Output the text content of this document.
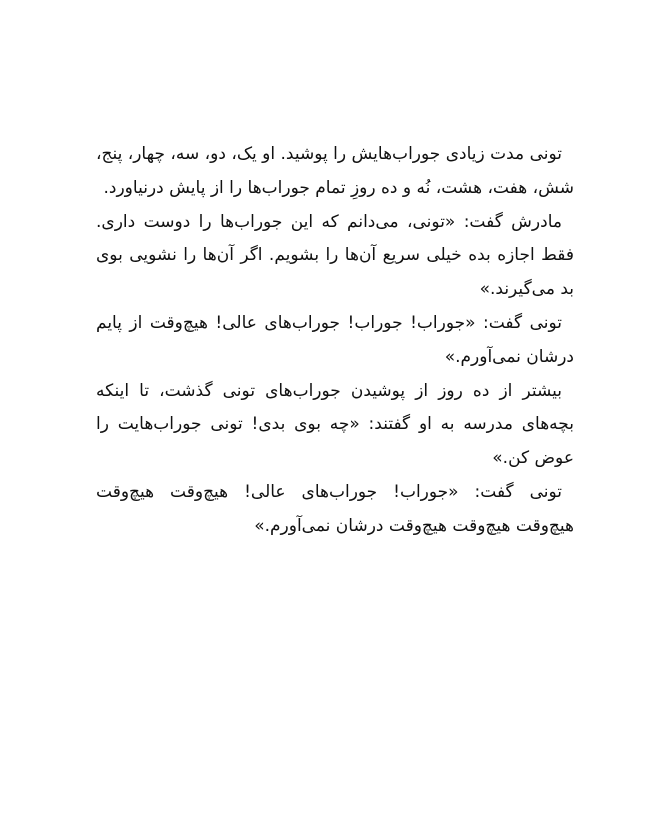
تونی مدت زیادی جوراب‌هایش را پوشید. او یک، دو، سه، چهار، پنج، شش، هفت، هشت، نُه و ده روزِ تمام جوراب‌ها را از پایش درنیاورد.

مادرش گفت: «تونی، می‌دانم که این جوراب‌ها را دوست داری. فقط اجازه بده خیلی سریع آن‌ها را بشویم. اگر آن‌ها را نشویی بوی بد می‌گیرند.»

تونی گفت: «جوراب! جوراب! جوراب‌های عالی! هیچ‌وقت از پایم درشان نمی‌آورم.»

بیشتر از ده روز از پوشیدن جوراب‌های تونی گذشت، تا اینکه بچه‌های مدرسه به او گفتند: «چه بوی بدی! تونی جوراب‌هایت را عوض کن.»

تونی گفت: «جوراب! جوراب‌های عالی! هیچ‌وقت هیچ‌وقت هیچ‌وقت هیچ‌وقت هیچ‌وقت درشان نمی‌آورم.»
